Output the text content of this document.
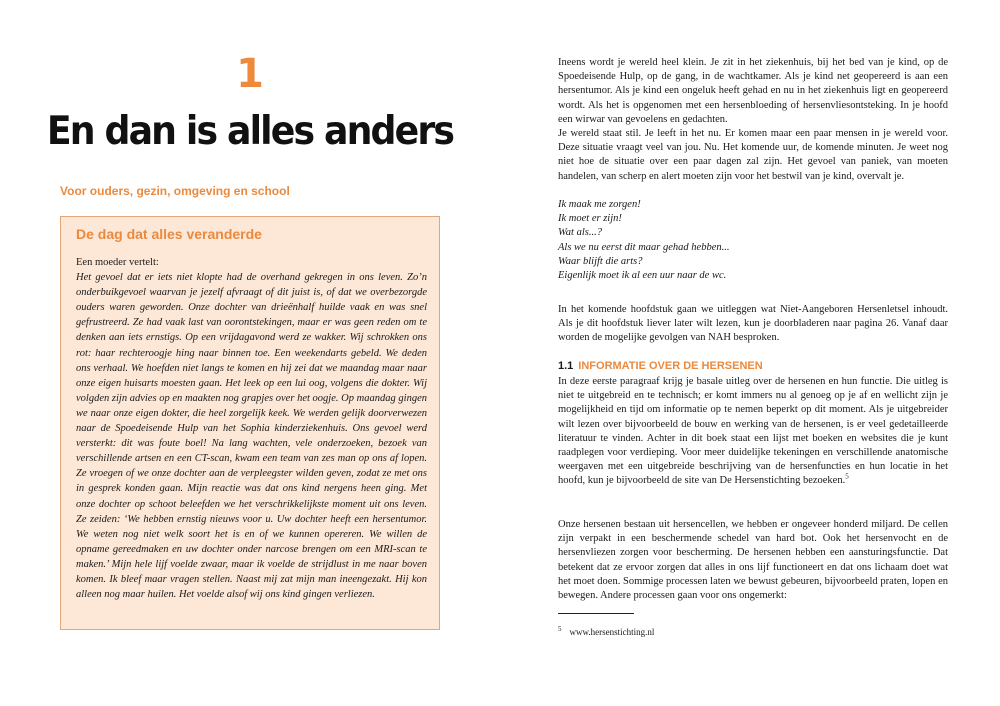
1
En dan is alles anders

Voor ouders, gezin, omgeving en school

De dag dat alles veranderde

Een moeder vertelt:
Het gevoel dat er iets niet klopte had de overhand gekregen in ons leven. Zo’n onderbuikgevoel waarvan je jezelf afvraagt of dit juist is, of dat we overbezorgde ouders waren geworden. Onze dochter van drieënhalf huilde vaak en was snel gefrustreerd. Ze had vaak last van oorontstekingen, maar er was geen reden om te denken aan iets ernstigs. Op een vrijdagavond werd ze wakker. Wij schrokken ons rot: haar rechteroogje hing naar binnen toe. Een weekendarts gebeld. We deden ons verhaal. We hoefden niet langs te komen en hij zei dat we maandag maar naar onze eigen huisarts moesten gaan. Het leek op een lui oog, volgens die dokter. Wij volgden zijn advies op en maakten nog grapjes over het oogje. Op maandag gingen we naar onze eigen dokter, die heel zorgelijk keek. We werden gelijk doorverwezen naar de Spoedeisende Hulp van het Sophia kinderziekenhuis. Ons gevoel werd versterkt: dit was foute boel! Na lang wachten, vele onderzoeken, bezoek van verschillende artsen en een CT-scan, kwam een team van zes man op ons af lopen. Ze vroegen of we onze dochter aan de verpleegster wilden geven, zodat ze met ons in gesprek konden gaan. Mijn reactie was dat ons kind nergens heen ging. Met onze dochter op schoot beleefden we het verschrikkelijkste moment uit ons leven. Ze zeiden: ‘We hebben ernstig nieuws voor u. Uw dochter heeft een hersentumor. We weten nog niet welk soort het is en of we kunnen opereren. We willen de opname gereedmaken en uw dochter onder narcose brengen om een MRI-scan te maken.’ Mijn hele lijf voelde zwaar, maar ik voelde de strijdlust in me naar boven komen. Ik bleef maar vragen stellen. Naast mij zat mijn man ineengezakt. Hij kon alleen nog maar huilen. Het voelde alsof wij ons kind gingen verliezen.

Ineens wordt je wereld heel klein. Je zit in het ziekenhuis, bij het bed van je kind, op de Spoedeisende Hulp, op de gang, in de wachtkamer. Als je kind net geopereerd is aan een hersentumor. Als je kind een ongeluk heeft gehad en nu in het ziekenhuis ligt en geopereerd wordt. Als het is opgenomen met een hersenbloeding of hersenvliesontsteking. In je hoofd een wirwar van gevoelens en gedachten.

Je wereld staat stil. Je leeft in het nu. Er komen maar een paar mensen in je wereld voor. Deze situatie vraagt veel van jou. Nu. Het komende uur, de komende minuten. Je weet nog niet hoe de situatie over een paar dagen zal zijn. Het gevoel van paniek, van moeten handelen, van scherp en alert moeten zijn voor het bestwil van je kind, overvalt je.

Ik maak me zorgen!
Ik moet er zijn!
Wat als...?
Als we nu eerst dit maar gehad hebben...
Waar blijft die arts?
Eigenlijk moet ik al een uur naar de wc.

In het komende hoofdstuk gaan we uitleggen wat Niet-Aangeboren Hersenletsel inhoudt. Als je dit hoofdstuk liever later wilt lezen, kun je doorbladeren naar pagina 26. Vanaf daar worden de mogelijke gevolgen van NAH besproken.

1.1 INFORMATIE OVER DE HERSENEN

In deze eerste paragraaf krijg je basale uitleg over de hersenen en hun functie. Die uitleg is niet te uitgebreid en te technisch; er komt immers nu al genoeg op je af en wellicht zijn je mogelijkheid en tijd om informatie op te nemen beperkt op dit moment. Als je uitgebreider wilt lezen over bijvoorbeeld de bouw en werking van de hersenen, is er veel gedetailleerde literatuur te vinden. Achter in dit boek staat een lijst met boeken en websites die je kunt raadplegen voor verdieping. Voor meer duidelijke tekeningen en verschillende anatomische weergaven met een uitgebreide beschrijving van de hersenfuncties en hun locatie in het hoofd, kun je bijvoorbeeld de site van De Hersenstichting bezoeken.$^5$

Onze hersenen bestaan uit hersencellen, we hebben er ongeveer honderd miljard. De cellen zijn verpakt in een beschermende schedel van hard bot. Ook het hersenvocht en de hersenvliezen zorgen voor bescherming. De hersenen hebben een aansturingsfunctie. Dat betekent dat ze ervoor zorgen dat alles in ons lijf functioneert en dat ons lichaam doet wat het moet doen. Sommige processen laten we bewust gebeuren, bijvoorbeeld praten, lopen en bewegen. Andere processen gaan voor ons ongemerkt:

$^5$ www.hersenstichting.nl
